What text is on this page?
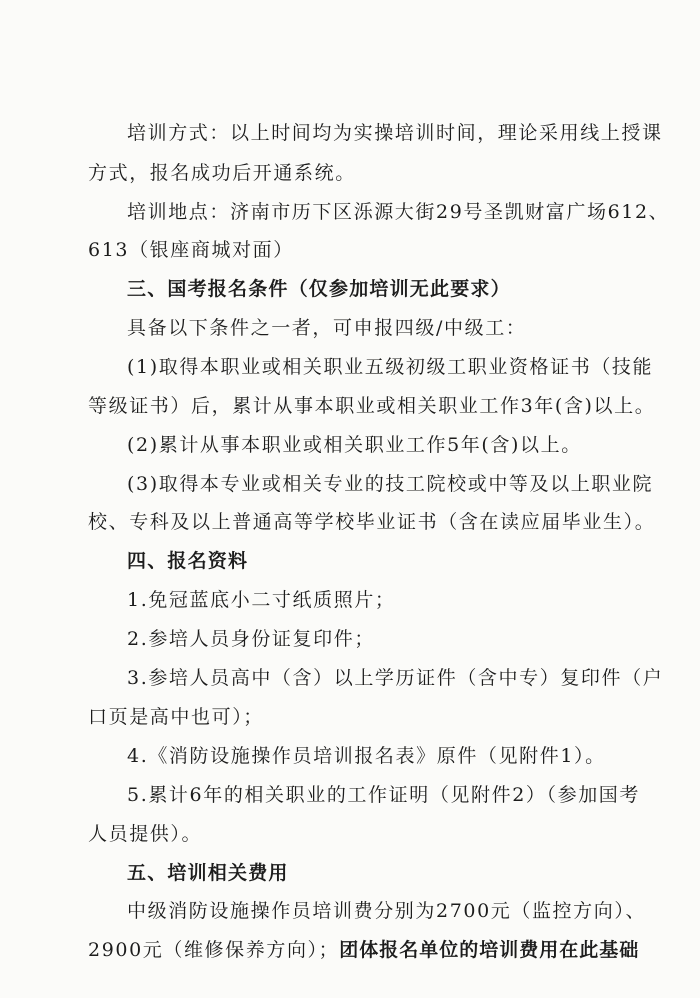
培训方式：以上时间均为实操培训时间，理论采用线上授课
方式，报名成功后开通系统。
培训地点：济南市历下区泺源大街29号圣凯财富广场612、
613（银座商城对面）
三、国考报名条件（仅参加培训无此要求）
具备以下条件之一者，可申报四级/中级工：
(1)取得本职业或相关职业五级初级工职业资格证书（技能
等级证书）后，累计从事本职业或相关职业工作3年(含)以上。
(2)累计从事本职业或相关职业工作5年(含)以上。
(3)取得本专业或相关专业的技工院校或中等及以上职业院
校、专科及以上普通高等学校毕业证书（含在读应届毕业生）。
四、报名资料
1.免冠蓝底小二寸纸质照片；
2.参培人员身份证复印件；
3.参培人员高中（含）以上学历证件（含中专）复印件（户
口页是高中也可）；
4.《消防设施操作员培训报名表》原件（见附件1）。
5.累计6年的相关职业的工作证明（见附件2）（参加国考
人员提供）。
五、培训相关费用
中级消防设施操作员培训费分别为2700元（监控方向）、
2900元（维修保养方向）；团体报名单位的培训费用在此基础
